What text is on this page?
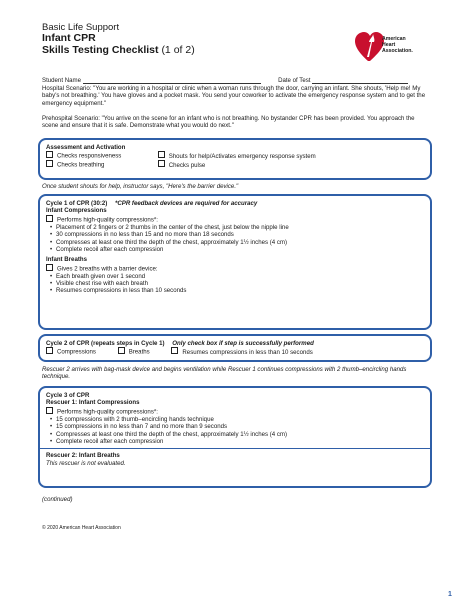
Basic Life Support
Infant CPR
Skills Testing Checklist (1 of 2)
American
Heart
Association.
Student Name	Date of Test
Hospital Scenario: "You are working in a hospital or clinic when a woman runs through the door, carrying an infant. She shouts, 'Help me! My baby's not breathing.' You have gloves and a pocket mask. You send your coworker to activate the emergency response system and to get the emergency equipment."
Prehospital Scenario: "You arrive on the scene for an infant who is not breathing. No bystander CPR has been provided. You approach the scene and ensure that it is safe. Demonstrate what you would do next."
Assessment and Activation
Checks responsiveness	Shouts for help/Activates emergency response system
Checks breathing	Checks pulse
Once student shouts for help, instructor says, "Here's the barrier device."
Cycle 1 of CPR (30:2) *CPR feedback devices are required for accuracy
Infant Compressions
Performs high-quality compressions*:
• Placement of 2 fingers or 2 thumbs in the center of the chest, just below the nipple line
• 30 compressions in no less than 15 and no more than 18 seconds
• Compresses at least one third the depth of the chest, approximately 1½ inches (4 cm)
• Complete recoil after each compression
Infant Breaths
Gives 2 breaths with a barrier device:
• Each breath given over 1 second
• Visible chest rise with each breath
• Resumes compressions in less than 10 seconds
Cycle 2 of CPR (repeats steps in Cycle 1) Only check box if step is successfully performed
Compressions	Breaths	Resumes compressions in less than 10 seconds
Rescuer 2 arrives with bag-mask device and begins ventilation while Rescuer 1 continues compressions with 2 thumb–encircling hands technique.
Cycle 3 of CPR
Rescuer 1: Infant Compressions
Performs high-quality compressions*:
• 15 compressions with 2 thumb–encircling hands technique
• 15 compressions in no less than 7 and no more than 9 seconds
• Compresses at least one third the depth of the chest, approximately 1½ inches (4 cm)
• Complete recoil after each compression
Rescuer 2: Infant Breaths
This rescuer is not evaluated.
(continued)
© 2020 American Heart Association
1
